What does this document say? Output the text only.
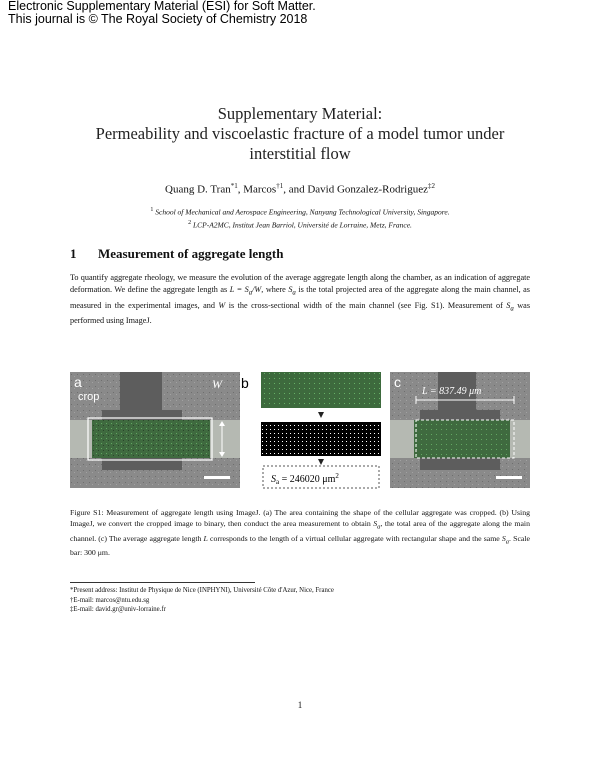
Electronic Supplementary Material (ESI) for Soft Matter.
This journal is © The Royal Society of Chemistry 2018
Supplementary Material:
Permeability and viscoelastic fracture of a model tumor under
interstitial flow
Quang D. Tran$^{*1}$, Marcos$^{\dagger 1}$, and David Gonzalez-Rodriguez$^{\ddagger 2}$
$^1$ School of Mechanical and Aerospace Engineering, Nanyang Technological University, Singapore.
$^2$ LCP-A2MC, Institut Jean Barriol, Université de Lorraine, Metz, France.
1 Measurement of aggregate length
To quantify aggregate rheology, we measure the evolution of the average aggregate length along the chamber, as an indication of aggregate deformation. We define the aggregate length as $L = S_a/W$, where $S_a$ is the total projected area of the aggregate along the main channel, as measured in the experimental images, and W is the cross-sectional width of the main channel (see Fig. S1). Measurement of $S_a$ was performed using ImageJ.
a
crop
W b
$S_a = 246020$ $\mu m^2$
c
L = 837.49 μm
Figure S1: Measurement of aggregate length using ImageJ. (a) The area containing the shape of the cellular aggregate was cropped. (b) Using ImageJ, we convert the cropped image to binary, then conduct the area measurement to obtain $S_a$, the total area of the aggregate along the main channel. (c) The average aggregate length L corresponds to the length of a virtual cellular aggregate with rectangular shape and the same $S_a$. Scale bar: 300 μm.
*Present address: Institut de Physique de Nice (INPHYNI), Université Côte d'Azur, Nice, France
†E-mail: marcos@ntu.edu.sg
‡E-mail: david.gr@univ-lorraine.fr
1
